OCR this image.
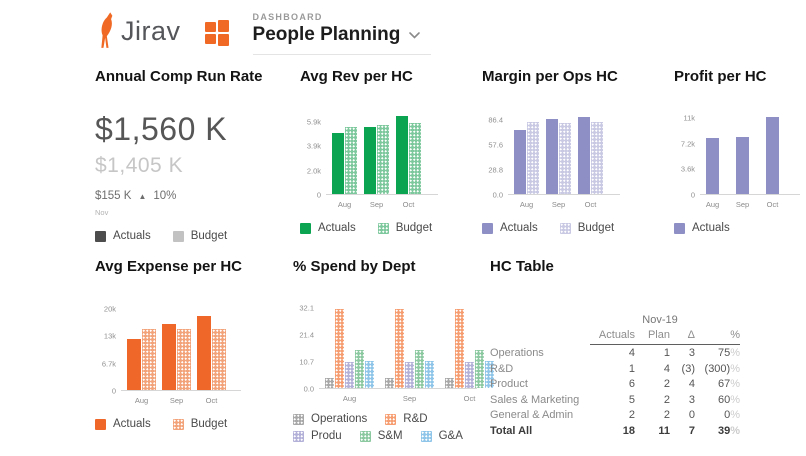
Jirav	DASHBOARD
People Planning
Annual Comp Run Rate
$1,560 K
$1,405 K
$155 K ▲ 10%
Nov
Actuals	Budget
Avg Rev per HC
5.9k
3.9k
2.0k
0
Aug Sep	Oct
Actuals	Budget
Margin per Ops HC
86.4
57.6
28.8
0.0
Aug Sep	Oct
Actuals	Budget
Profit per HC
11k
7.2k
3.6k
0
Aug Sep Oct
Actuals
Avg Expense per HC
20k
13k
6.7k
0
Aug	Sep	Oct
Actuals	Budget
% Spend by Dept
32.1
21.4
10.7
0.0
Aug	Sep	Oct
Operations	R&D
Produ	S&M	G&A
HC Table
Nov-19
Actuals	Plan	Δ	%
Operations	4	1	3	75%
R&D	1	4	(3) (300)%
Product	6	2	4	67%
Sales & Marketing	5	2	3	60%
General & Admin	2	2	0	0%
Total All	18	11	7	39%
